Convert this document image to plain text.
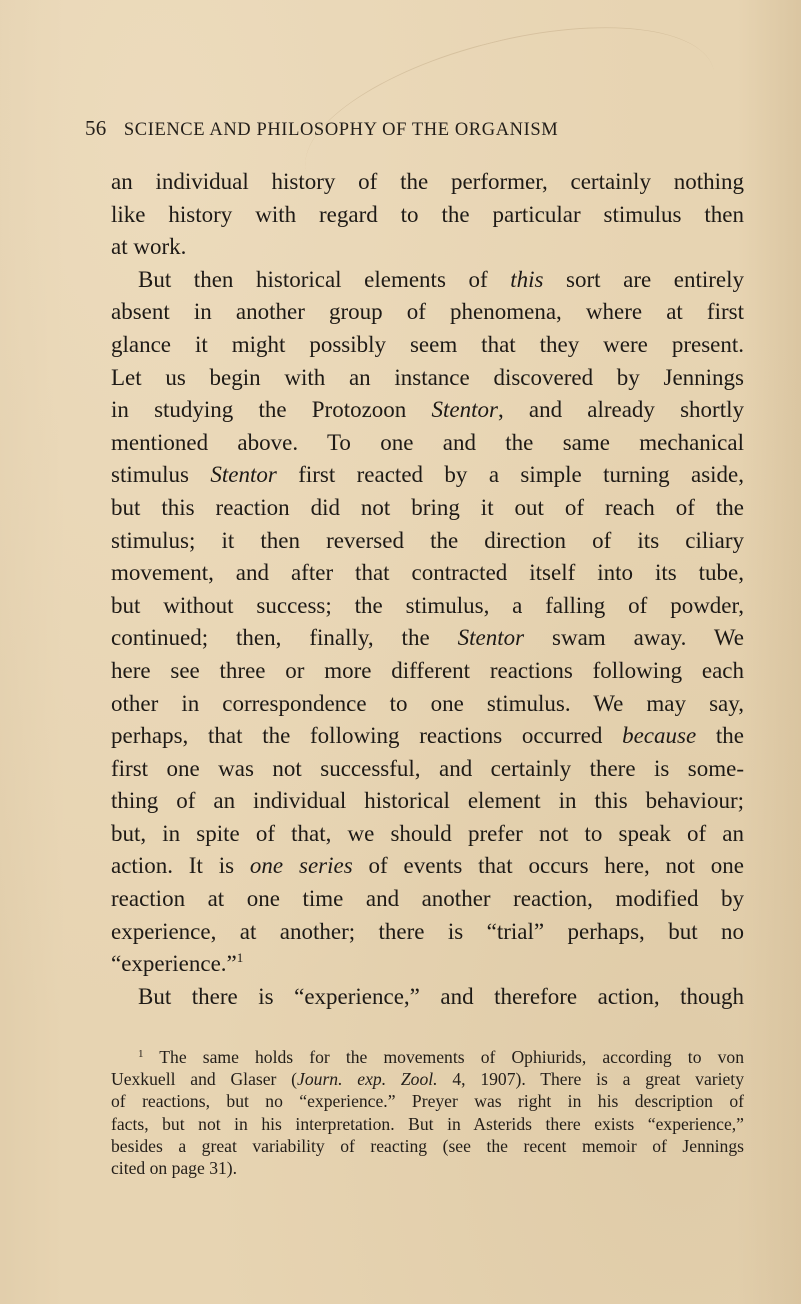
56 SCIENCE AND PHILOSOPHY OF THE ORGANISM
an individual history of the performer, certainly nothing
like history with regard to the particular stimulus then
at work.
But then historical elements of this sort are entirely
absent in another group of phenomena, where at first
glance it might possibly seem that they were present.
Let us begin with an instance discovered by Jennings
in studying the Protozoon Stentor, and already shortly
mentioned above. To one and the same mechanical
stimulus Stentor first reacted by a simple turning aside,
but this reaction did not bring it out of reach of the
stimulus; it then reversed the direction of its ciliary
movement, and after that contracted itself into its tube,
but without success; the stimulus, a falling of powder,
continued; then, finally, the Stentor swam away. We
here see three or more different reactions following each
other in correspondence to one stimulus. We may say,
perhaps, that the following reactions occurred because the
first one was not successful, and certainly there is some-
thing of an individual historical element in this behaviour;
but, in spite of that, we should prefer not to speak of an
action. It is one series of events that occurs here, not one
reaction at one time and another reaction, modified by
experience, at another; there is “trial” perhaps, but no
“experience.”$^1$
But there is “experience,” and therefore action, though
$^1$ The same holds for the movements of Ophiurids, according to von
Uexkuell and Glaser (Journ. exp. Zool. 4, 1907). There is a great variety
of reactions, but no “experience.” Preyer was right in his description of
facts, but not in his interpretation. But in Asterids there exists “experience,”
besides a great variability of reacting (see the recent memoir of Jennings
cited on page 31).
